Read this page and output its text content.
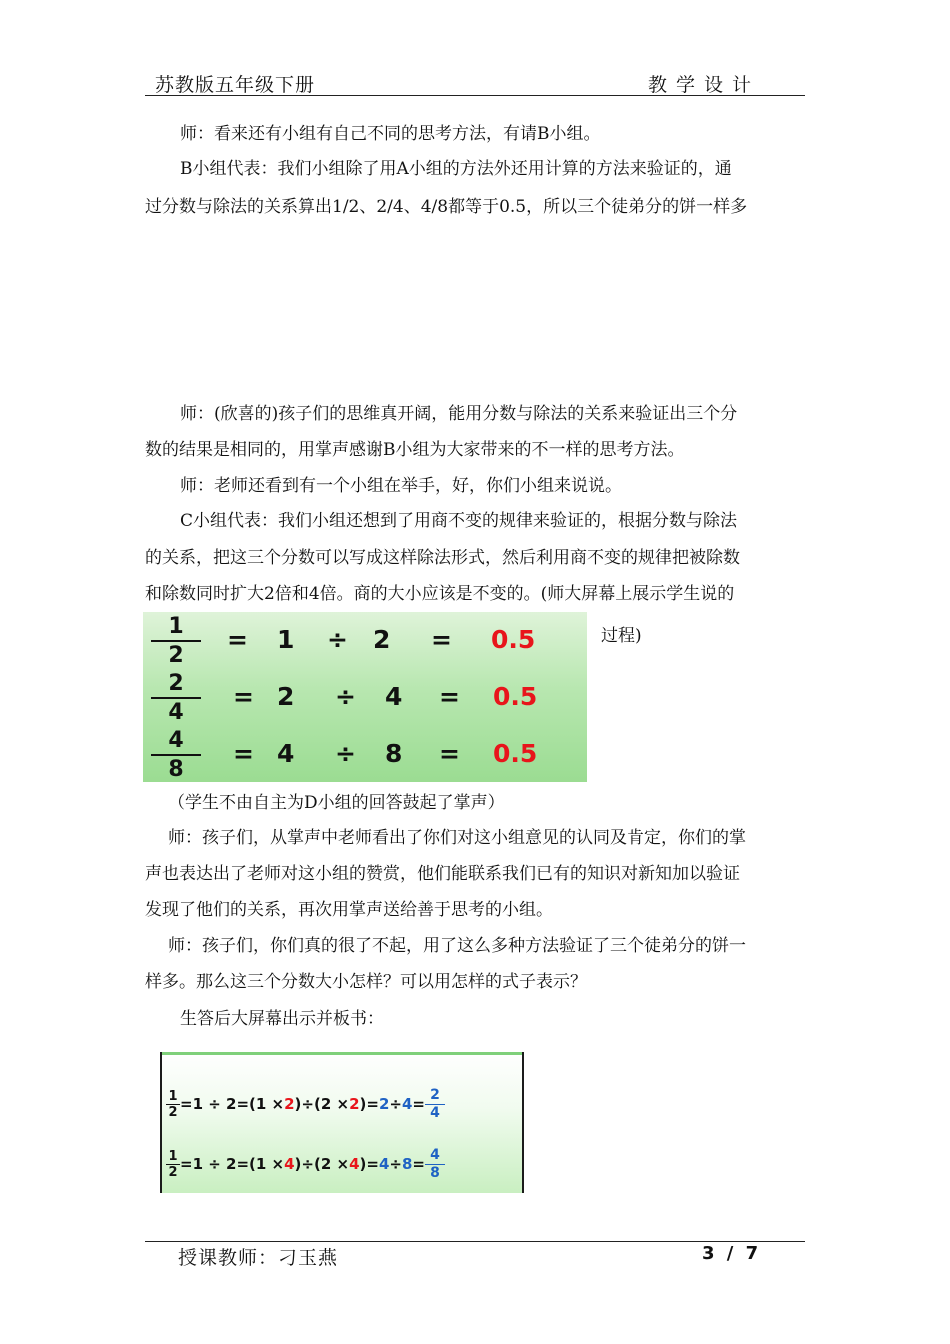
苏教版五年级下册	教学设计
师：看来还有小组有自己不同的思考方法，有请B小组。
B小组代表：我们小组除了用A小组的方法外还用计算的方法来验证的，通
过分数与除法的关系算出1/2、2/4、4/8都等于0.5，所以三个徒弟分的饼一样多
师：(欣喜的)孩子们的思维真开阔，能用分数与除法的关系来验证出三个分
数的结果是相同的，用掌声感谢B小组为大家带来的不一样的思考方法。
师：老师还看到有一个小组在举手，好，你们小组来说说。
C小组代表：我们小组还想到了用商不变的规律来验证的，根据分数与除法
的关系，把这三个分数可以写成这样除法形式，然后利用商不变的规律把被除数
和除数同时扩大2倍和4倍。商的大小应该是不变的。(师大屏幕上展示学生说的
1
2
= 1 ÷ 2 = 0.5
2
4
= 2 ÷ 4 = 0.5
4
8
= 4 ÷ 8 = 0.5
过程)
（学生不由自主为D小组的回答鼓起了掌声）
师：孩子们，从掌声中老师看出了你们对这小组意见的认同及肯定，你们的掌
声也表达出了老师对这小组的赞赏，他们能联系我们已有的知识对新知加以验证
发现了他们的关系，再次用掌声送给善于思考的小组。
师：孩子们，你们真的很了不起，用了这么多种方法验证了三个徒弟分的饼一
样多。那么这三个分数大小怎样？可以用怎样的式子表示？
生答后大屏幕出示并板书：
$\frac{1}{2} =1 \div 2=(1 \times 2)\div(2 \times 2)=2\div 4= \frac{2}{4}$
$\frac{1}{2} =1 \div 2=(1 \times 4)\div(2 \times 4)=4\div 8= \frac{4}{8}$
授课教师：刁玉燕	3 / 7
